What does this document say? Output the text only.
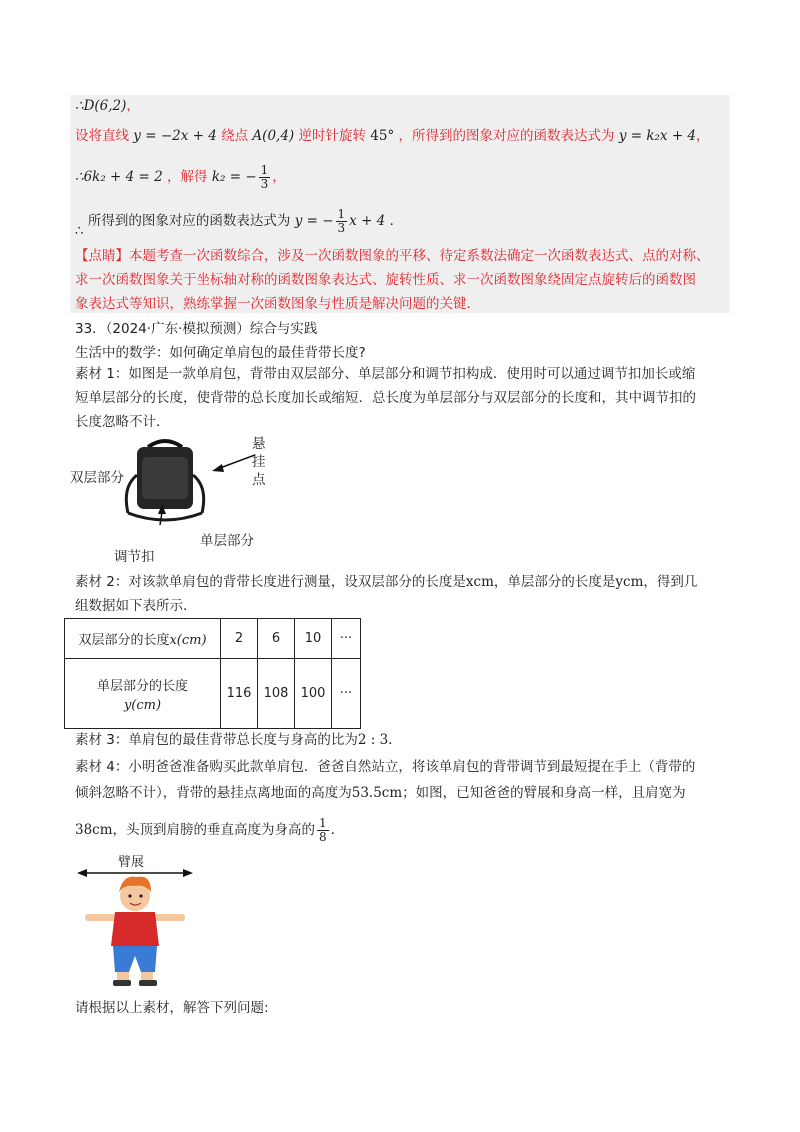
∴D(6,2)，
设将直线 y = −2x + 4 绕点 A(0,4) 逆时针旋转 45° ，所得到的图象对应的函数表达式为 y = k₂x + 4，
∴6k₂ + 4 = 2 ，解得 k₂ = − $\frac{1}{3}$ ，
∴ 所得到的图象对应的函数表达式为 y = − $\frac{1}{3}$ x + 4 ．
【点睛】本题考查一次函数综合，涉及一次函数图象的平移、待定系数法确定一次函数表达式、点的对称、
求一次函数图象关于坐标轴对称的函数图象表达式、旋转性质、求一次函数图象绕固定点旋转后的函数图
象表达式等知识，熟练掌握一次函数图象与性质是解决问题的关键．
33．（2024·广东·模拟预测）综合与实践
生活中的数学：如何确定单肩包的最佳背带长度?
素材 1：如图是一款单肩包，背带由双层部分、单层部分和调节扣构成．使用时可以通过调节扣加长或缩
短单层部分的长度，使背带的总长度加长或缩短．总长度为单层部分与双层部分的长度和，其中调节扣的
长度忽略不计．
悬
挂
点
双层部分
单层部分
调节扣
素材 2：对该款单肩包的背带长度进行测量，设双层部分的长度是xcm，单层部分的长度是ycm，得到几
组数据如下表所示．
双层部分的长度x(cm)	2	6	10	···

单层部分的长度
y(cm)	116	108	100	···
素材 3：单肩包的最佳背带总长度与身高的比为2 : 3．
素材 4：小明爸爸准备购买此款单肩包．爸爸自然站立，将该单肩包的背带调节到最短提在手上（背带的
倾斜忽略不计），背带的悬挂点离地面的高度为53.5cm；如图，已知爸爸的臂展和身高一样，且肩宽为
38cm，头顶到肩膀的垂直高度为身高的 $\frac{1}{8}$ ．
臂展
请根据以上素材，解答下列问题:
